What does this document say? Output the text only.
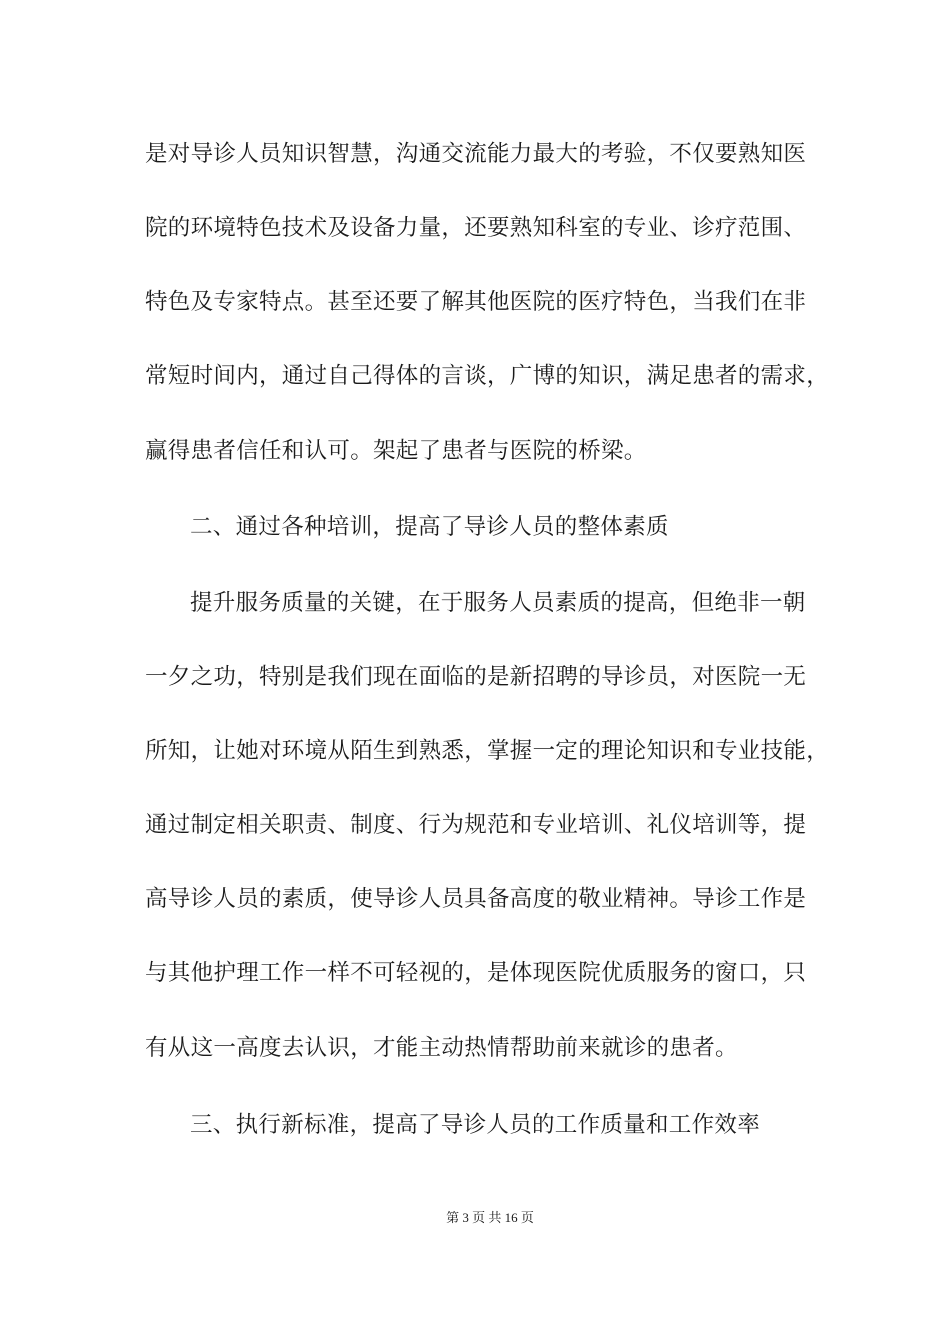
是对导诊人员知识智慧，沟通交流能力最大的考验，不仅要熟知医
院的环境特色技术及设备力量，还要熟知科室的专业、诊疗范围、
特色及专家特点。甚至还要了解其他医院的医疗特色，当我们在非
常短时间内，通过自己得体的言谈，广博的知识，满足患者的需求，
赢得患者信任和认可。架起了患者与医院的桥梁。
二、通过各种培训，提高了导诊人员的整体素质
提升服务质量的关键，在于服务人员素质的提高，但绝非一朝
一夕之功，特别是我们现在面临的是新招聘的导诊员，对医院一无
所知，让她对环境从陌生到熟悉，掌握一定的理论知识和专业技能，
通过制定相关职责、制度、行为规范和专业培训、礼仪培训等，提
高导诊人员的素质，使导诊人员具备高度的敬业精神。导诊工作是
与其他护理工作一样不可轻视的，是体现医院优质服务的窗口，只
有从这一高度去认识，才能主动热情帮助前来就诊的患者。
三、执行新标准，提高了导诊人员的工作质量和工作效率
第 3 页 共 16 页
